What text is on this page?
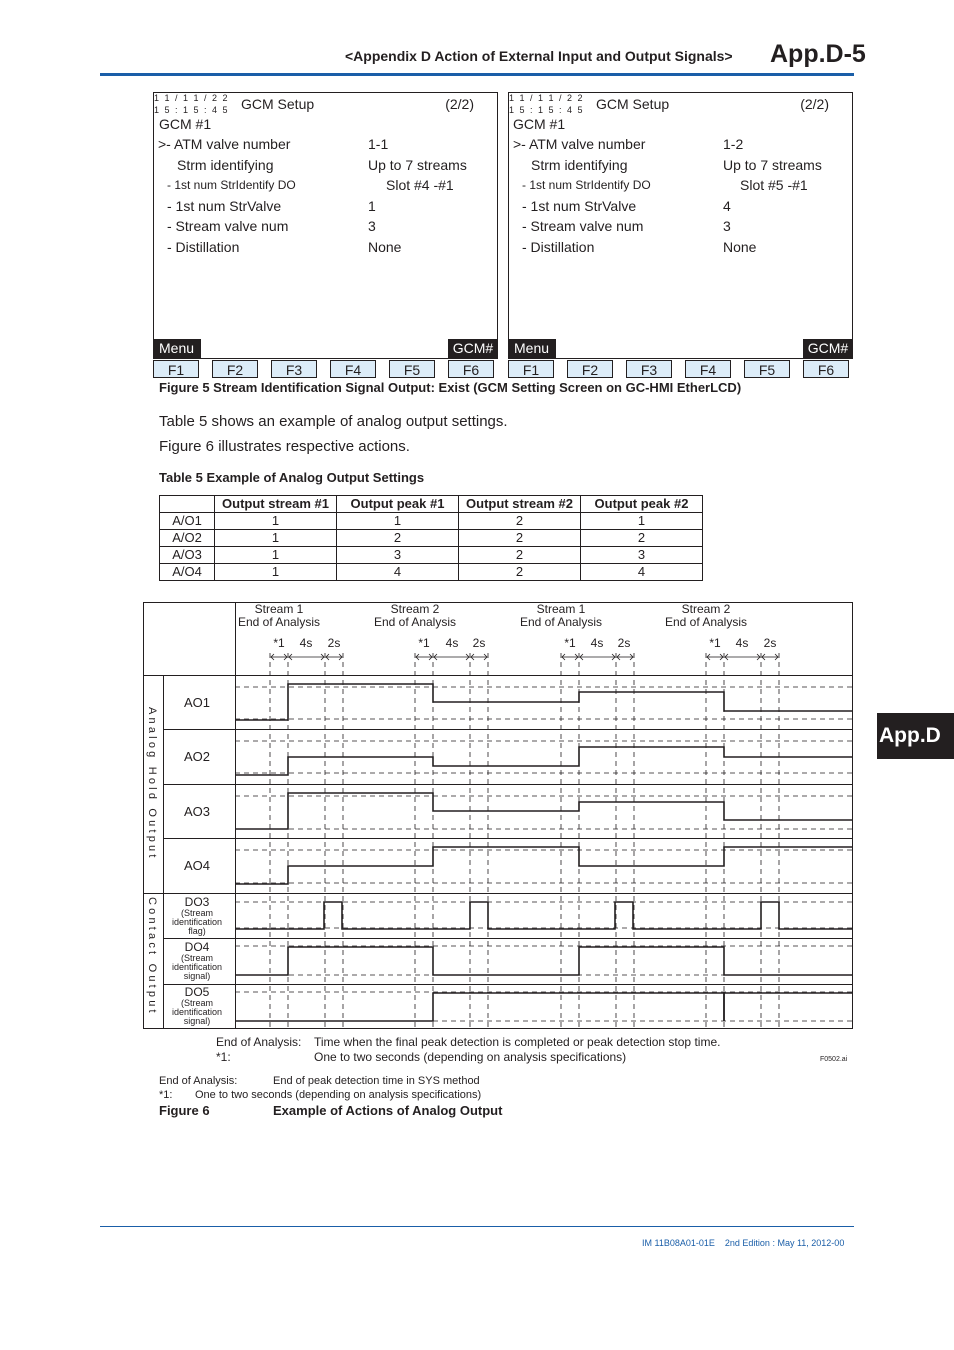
<Appendix D Action of External Input and Output Signals> App.D-5
1 1 / 1 1 / 2 2
1 5 : 1 5 : 4 5 GCM Setup	(2/2)
GCM #1
>- ATM valve number	1-1
Strm identifying	Up to 7 streams
- 1st num StrIdentify DO	Slot #4 -#1
- 1st num StrValve	1
- Stream valve num	3
- Distillation	None
Menu	GCM#
F1	F2	F3	F4	F5	F6
1 1 / 1 1 / 2 2
1 5 : 1 5 : 4 5 GCM Setup	(2/2)
GCM #1
>- ATM valve number	1-2
Strm identifying	Up to 7 streams
- 1st num StrIdentify DO	Slot #5 -#1
- 1st num StrValve	4
- Stream valve num	3
- Distillation	None
Menu	GCM#
F1	F2	F3	F4	F5	F6
Figure 5 Stream Identification Signal Output: Exist (GCM Setting Screen on GC-HMI EtherLCD)
Table 5 shows an example of analog output settings.
Figure 6 illustrates respective actions.
Table 5 Example of Analog Output Settings
	Output stream #1	Output peak #1	Output stream #2	Output peak #2
A/O1	1	1	2	1
A/O2	1	2	2	2
A/O3	1	3	2	3
A/O4	1	4	2	4
App.D
Stream 1
End of Analysis
Stream 2
End of Analysis
Stream 1
End of Analysis
Stream 2
End of Analysis
*1 4s 2s	*1 4s 2s	*1 4s 2s	*1 4s 2s
Analog Hold Output
Contact Output
AO1
AO2
AO3
AO4
DO3
(Stream
identification
flag)
DO4
(Stream
identification
signal)
DO5
(Stream
identification
signal)
End of Analysis: Time when the final peak detection is completed or peak detection stop time.
*1:	One to two seconds (depending on analysis specifications)	F0502.ai
End of Analysis:	End of peak detection time in SYS method
*1: One to two seconds (depending on analysis specifications)
Figure 6	Example of Actions of Analog Output
IM 11B08A01-01E 2nd Edition : May 11, 2012-00
